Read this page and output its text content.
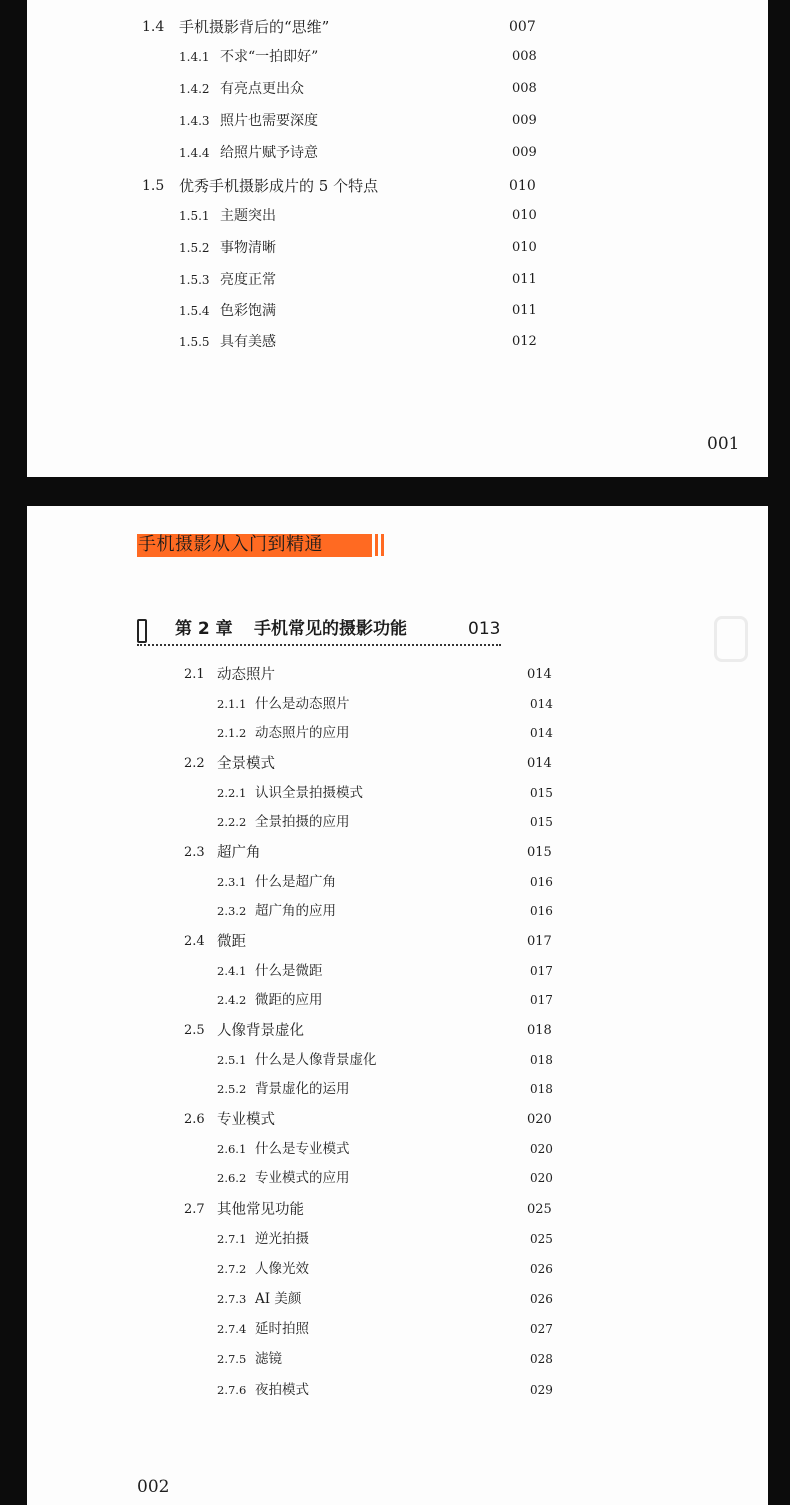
1.4 手机摄影背后的“思维”	007
1.4.1 不求“一拍即好”	008
1.4.2 有亮点更出众	008
1.4.3 照片也需要深度	009
1.4.4 给照片赋予诗意	009
1.5 优秀手机摄影成片的 5 个特点	010
1.5.1 主题突出	010
1.5.2 事物清晰	010
1.5.3 亮度正常	011
1.5.4 色彩饱满	011
1.5.5 具有美感	012
001
手机摄影从入门到精通
第 2 章 手机常见的摄影功能	013
2.1 动态照片	014
2.1.1 什么是动态照片	014
2.1.2 动态照片的应用	014
2.2 全景模式	014
2.2.1 认识全景拍摄模式	015
2.2.2 全景拍摄的应用	015
2.3 超广角	015
2.3.1 什么是超广角	016
2.3.2 超广角的应用	016
2.4 微距	017
2.4.1 什么是微距	017
2.4.2 微距的应用	017
2.5 人像背景虚化	018
2.5.1 什么是人像背景虚化	018
2.5.2 背景虚化的运用	018
2.6 专业模式	020
2.6.1 什么是专业模式	020
2.6.2 专业模式的应用	020
2.7 其他常见功能	025
2.7.1 逆光拍摄	025
2.7.2 人像光效	026
2.7.3 AI 美颜	026
2.7.4 延时拍照	027
2.7.5 滤镜	028
2.7.6 夜拍模式	029
002
